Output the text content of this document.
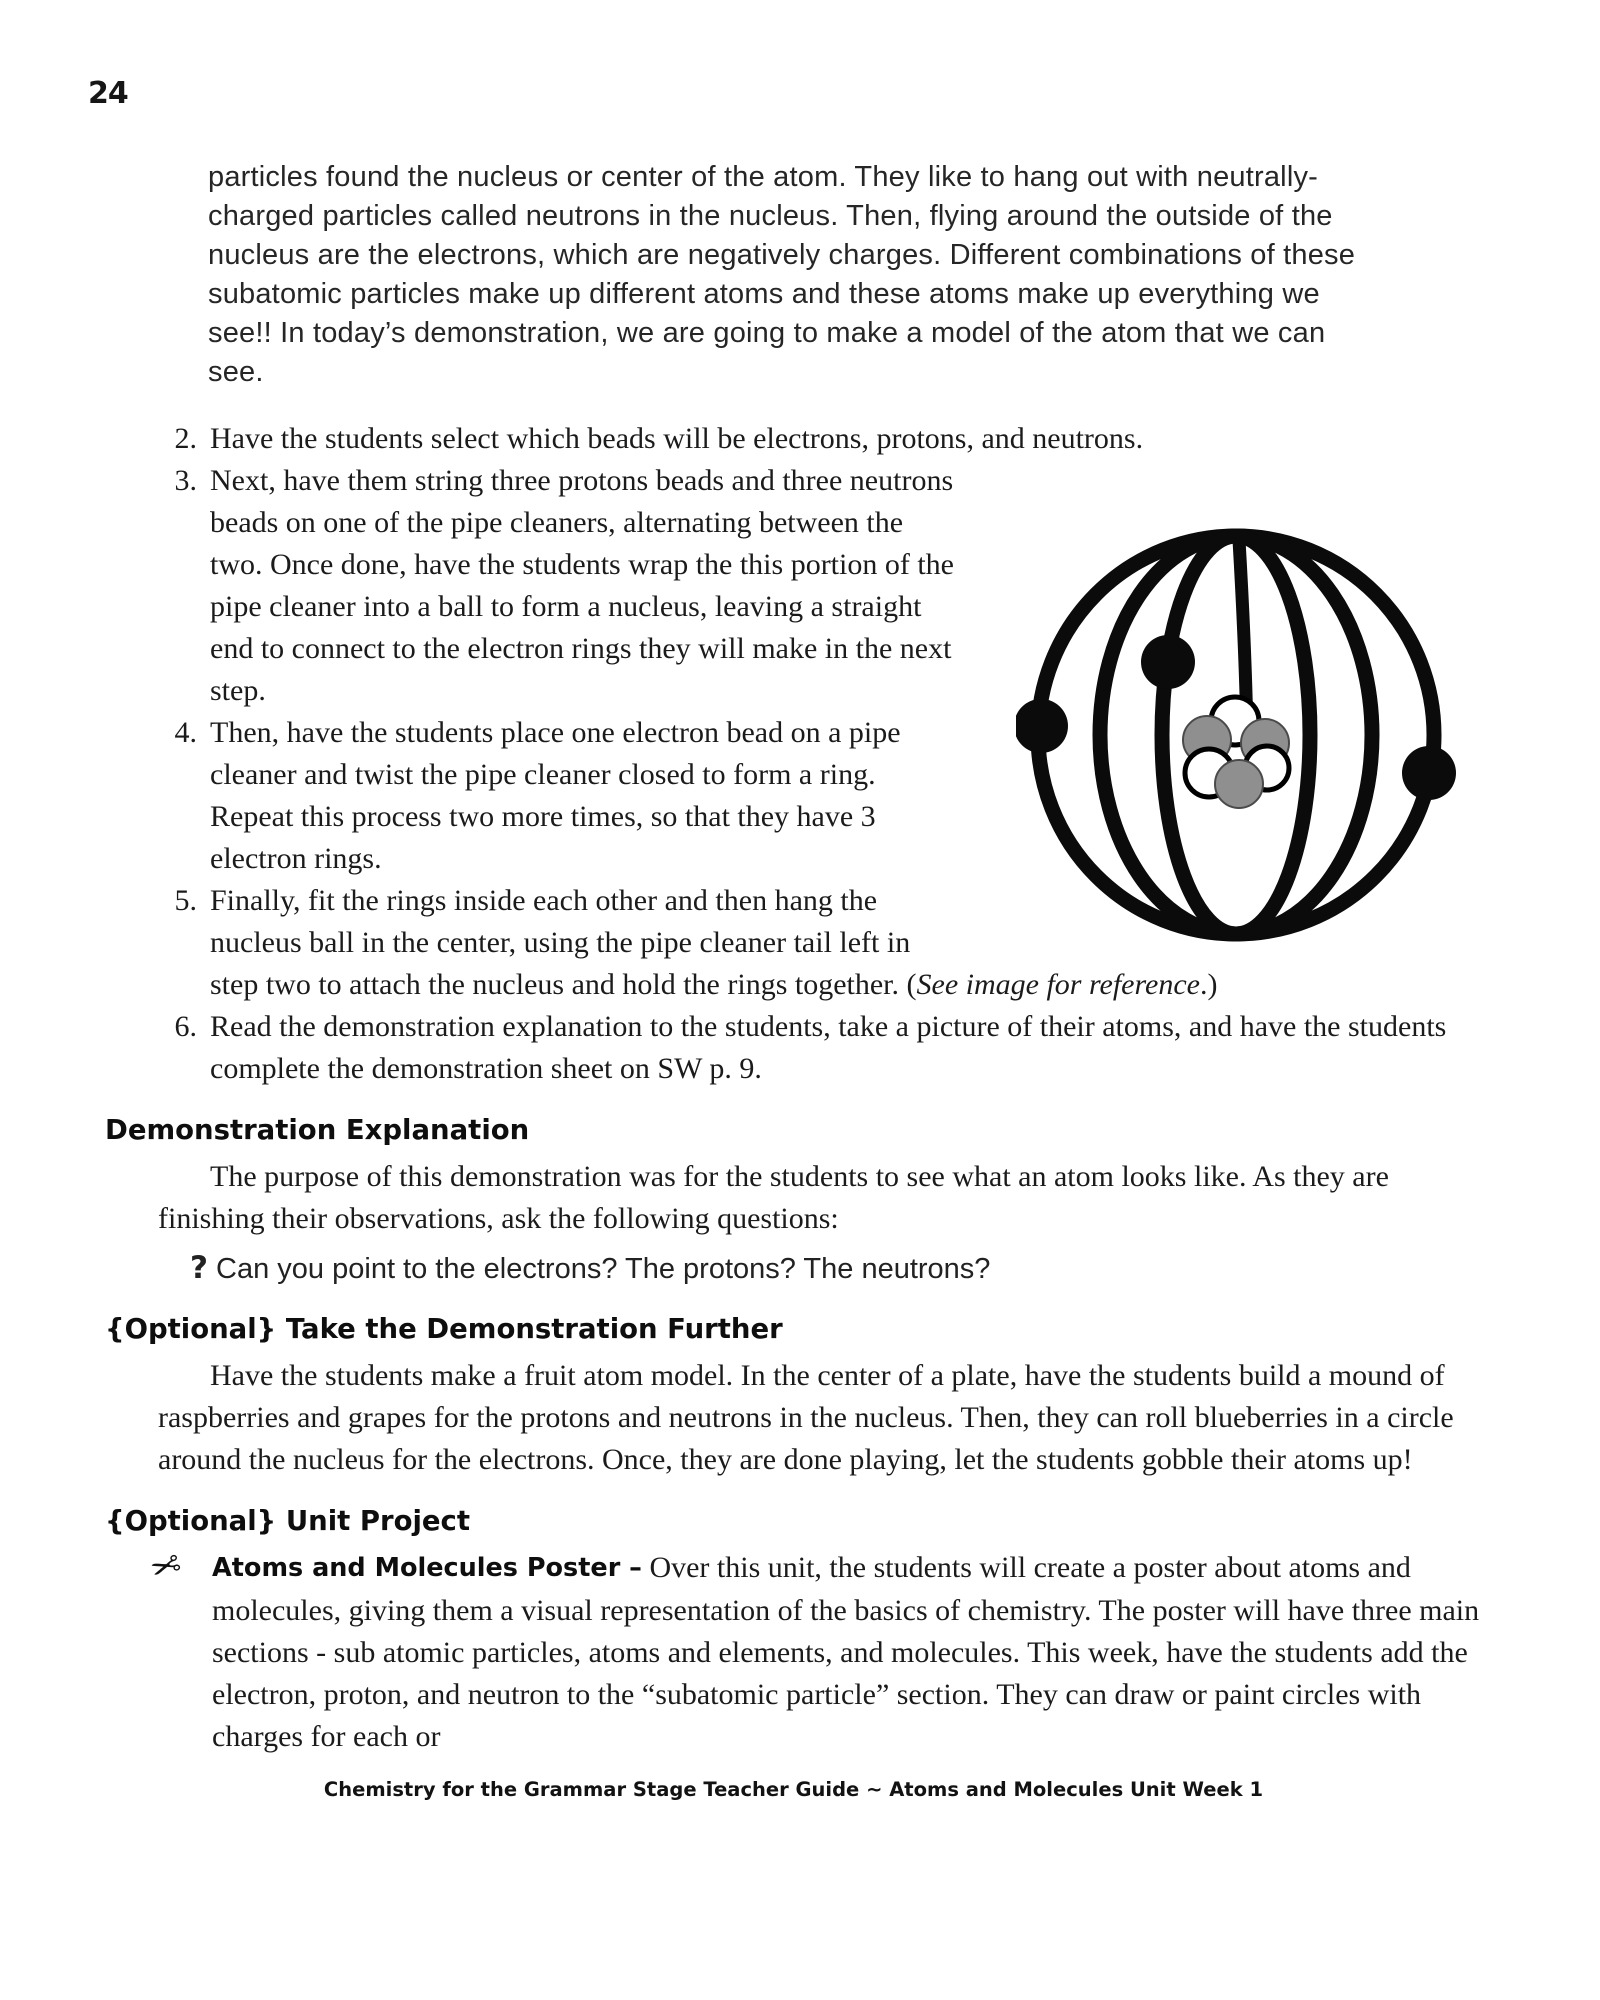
24

particles found the nucleus or center of the atom. They like to hang out with neutrally-charged particles called neutrons in the nucleus. Then, flying around the outside of the nucleus are the electrons, which are negatively charges. Different combinations of these subatomic particles make up different atoms and these atoms make up everything we see!! In today’s demonstration, we are going to make a model of the atom that we can see.

2. Have the students select which beads will be electrons, protons, and neutrons.
3. Next, have them string three protons beads and three neutrons beads on one of the pipe cleaners, alternating between the two. Once done, have the students wrap the this portion of the pipe cleaner into a ball to form a nucleus, leaving a straight end to connect to the electron rings they will make in the next step.
4. Then, have the students place one electron bead on a pipe cleaner and twist the pipe cleaner closed to form a ring. Repeat this process two more times, so that they have 3 electron rings.
5. Finally, fit the rings inside each other and then hang the nucleus ball in the center, using the pipe cleaner tail left in step two to attach the nucleus and hold the rings together. (See image for reference.)
6. Read the demonstration explanation to the students, take a picture of their atoms, and have the students complete the demonstration sheet on SW p. 9.
Demonstration Explanation

The purpose of this demonstration was for the students to see what an atom looks like. As they are finishing their observations, ask the following questions:

? Can you point to the electrons? The protons? The neutrons?

{Optional} Take the Demonstration Further

Have the students make a fruit atom model. In the center of a plate, have the students build a mound of raspberries and grapes for the protons and neutrons in the nucleus. Then, they can roll blueberries in a circle around the nucleus for the electrons. Once, they are done playing, let the students gobble their atoms up!

{Optional} Unit Project
✂ Atoms and Molecules Poster – Over this unit, the students will create a poster about atoms and molecules, giving them a visual representation of the basics of chemistry. The poster will have three main sections - sub atomic particles, atoms and elements, and molecules. This week, have the students add the electron, proton, and neutron to the “subatomic particle” section. They can draw or paint circles with charges for each or
Chemistry for the Grammar Stage Teacher Guide ~ Atoms and Molecules Unit Week 1
